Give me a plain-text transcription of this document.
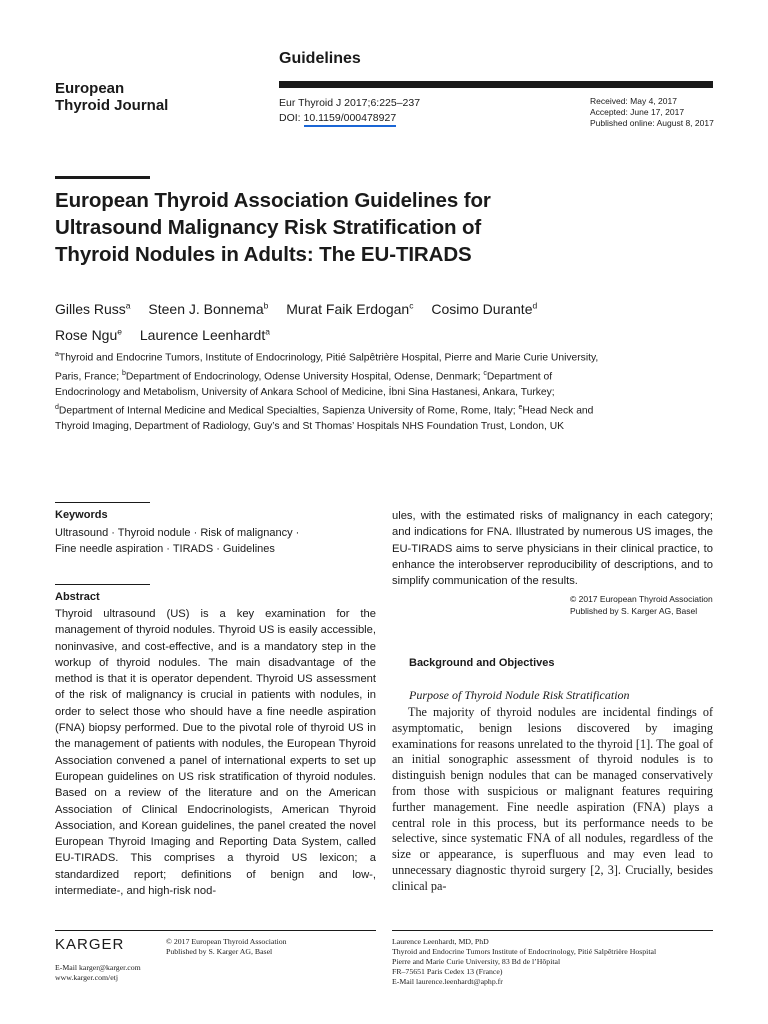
Guidelines
European
Thyroid Journal	Eur Thyroid J 2017;6:225–237
DOI: 10.1159/000478927
Received: May 4, 2017
Accepted: June 17, 2017
Published online: August 8, 2017
European Thyroid Association Guidelines for
Ultrasound Malignancy Risk Stratification of
Thyroid Nodules in Adults: The EU-TIRADS
Gilles Russ$^a$ Steen J. Bonnema$^b$ Murat Faik Erdogan$^c$ Cosimo Durante$^d$
Rose Ngu$^e$ Laurence Leenhardt$^a$
$^a$Thyroid and Endocrine Tumors, Institute of Endocrinology, Pitié Salpêtrière Hospital, Pierre and Marie Curie University, Paris, France; $^b$Department of Endocrinology, Odense University Hospital, Odense, Denmark; $^c$Department of Endocrinology and Metabolism, University of Ankara School of Medicine, İbni Sina Hastanesi, Ankara, Turkey; $^d$Department of Internal Medicine and Medical Specialties, Sapienza University of Rome, Rome, Italy; $^e$Head Neck and Thyroid Imaging, Department of Radiology, Guy’s and St Thomas’ Hospitals NHS Foundation Trust, London, UK
Keywords
Ultrasound · Thyroid nodule · Risk of malignancy ·
Fine needle aspiration · TIRADS · Guidelines
Abstract
Thyroid ultrasound (US) is a key examination for the management of thyroid nodules. Thyroid US is easily accessible, noninvasive, and cost-effective, and is a mandatory step in the workup of thyroid nodules. The main disadvantage of the method is that it is operator dependent. Thyroid US assessment of the risk of malignancy is crucial in patients with nodules, in order to select those who should have a fine needle aspiration (FNA) biopsy performed. Due to the pivotal role of thyroid US in the management of patients with nodules, the European Thyroid Association convened a panel of international experts to set up European guidelines on US risk stratification of thyroid nodules. Based on a review of the literature and on the American Association of Clinical Endocrinologists, American Thyroid Association, and Korean guidelines, the panel created the novel European Thyroid Imaging and Reporting Data System, called EU-TIRADS. This comprises a thyroid US lexicon; a standardized report; definitions of benign and low-, intermediate-, and high-risk nod-
ules, with the estimated risks of malignancy in each category; and indications for FNA. Illustrated by numerous US images, the EU-TIRADS aims to serve physicians in their clinical practice, to enhance the interobserver reproducibility of descriptions, and to simplify communication of the results.
© 2017 European Thyroid Association
Published by S. Karger AG, Basel
Background and Objectives
Purpose of Thyroid Nodule Risk Stratification
The majority of thyroid nodules are incidental findings of asymptomatic, benign lesions discovered by imaging examinations for reasons unrelated to the thyroid [1]. The goal of an initial sonographic assessment of thyroid nodules is to distinguish benign nodules that can be managed conservatively from those with suspicious or malignant features requiring further management. Fine needle aspiration (FNA) plays a central role in this process, but its performance needs to be selective, since systematic FNA of all nodules, regardless of the size or appearance, is superfluous and may even lead to unnecessary diagnostic thyroid surgery [2, 3]. Crucially, besides clinical pa-
KARGER	© 2017 European Thyroid Association
Published by S. Karger AG, Basel
E-Mail karger@karger.com
www.karger.com/etj
Laurence Leenhardt, MD, PhD
Thyroid and Endocrine Tumors Institute of Endocrinology, Pitié Salpêtrière Hospital
Pierre and Marie Curie University, 83 Bd de l’Hôpital
FR–75651 Paris Cedex 13 (France)
E-Mail laurence.leenhardt@aphp.fr
